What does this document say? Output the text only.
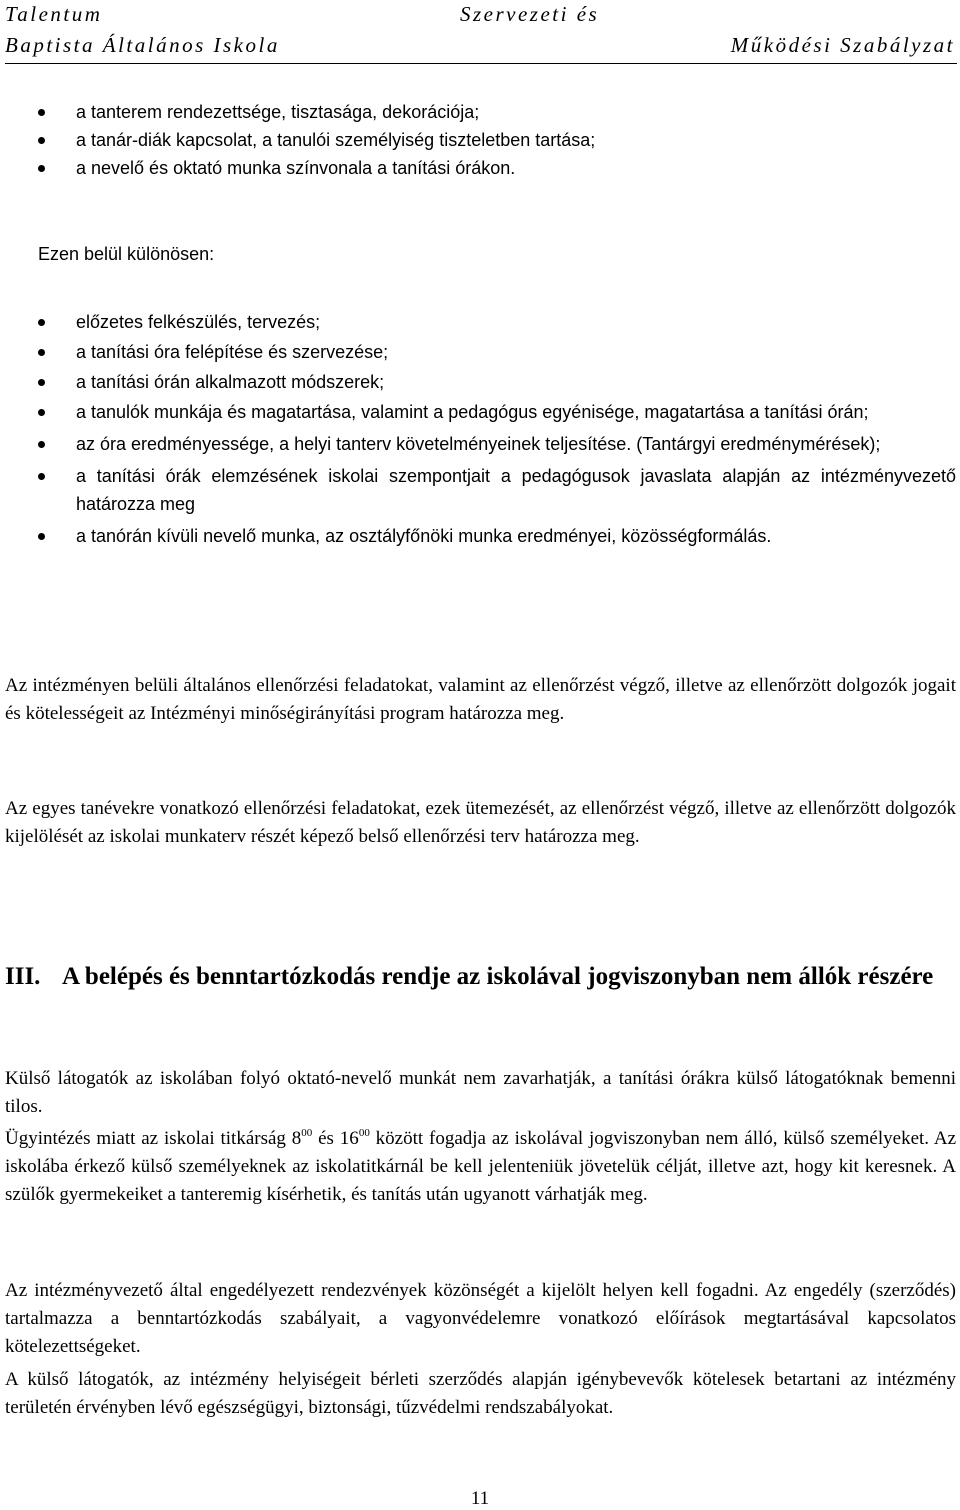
Talentum
Baptista Általános Iskola
Szervezeti és
Működési Szabályzat
a tanterem rendezettsége, tisztasága, dekorációja;
a tanár-diák kapcsolat, a tanulói személyiség tiszteletben tartása;
a nevelő és oktató munka színvonala a tanítási órákon.

Ezen belül különösen:

előzetes felkészülés, tervezés;
a tanítási óra felépítése és szervezése;
a tanítási órán alkalmazott módszerek;
a tanulók munkája és magatartása, valamint a pedagógus egyénisége, magatartása a tanítási órán;
az óra eredményessége, a helyi tanterv követelményeinek teljesítése. (Tantárgyi eredménymérések);
a tanítási órák elemzésének iskolai szempontjait a pedagógusok javaslata alapján az intézményvezető határozza meg
a tanórán kívüli nevelő munka, az osztályfőnöki munka eredményei, közösségformálás.

Az intézményen belüli általános ellenőrzési feladatokat, valamint az ellenőrzést végző, illetve az ellenőrzött dolgozók jogait és kötelességeit az Intézményi minőségirányítási program határozza meg.

Az egyes tanévekre vonatkozó ellenőrzési feladatokat, ezek ütemezését, az ellenőrzést végző, illetve az ellenőrzött dolgozók kijelölését az iskolai munkaterv részét képező belső ellenőrzési terv határozza meg.

III. A belépés és benntartózkodás rendje az iskolával jogviszonyban nem állók részére

Külső látogatók az iskolában folyó oktató-nevelő munkát nem zavarhatják, a tanítási órákra külső látogatóknak bemenni tilos.

Ügyintézés miatt az iskolai titkárság $8^{00}$ és $16^{00}$ között fogadja az iskolával jogviszonyban nem álló, külső személyeket. Az iskolába érkező külső személyeknek az iskolatitkárnál be kell jelenteniük jövetelük célját, illetve azt, hogy kit keresnek. A szülők gyermekeiket a tanteremig kísérhetik, és tanítás után ugyanott várhatják meg.

Az intézményvezető által engedélyezett rendezvények közönségét a kijelölt helyen kell fogadni. Az engedély (szerződés) tartalmazza a benntartózkodás szabályait, a vagyonvédelemre vonatkozó előírások megtartásával kapcsolatos kötelezettségeket.

A külső látogatók, az intézmény helyiségeit bérleti szerződés alapján igénybevevők kötelesek betartani az intézmény területén érvényben lévő egészségügyi, biztonsági, tűzvédelmi rendszabályokat.

11
